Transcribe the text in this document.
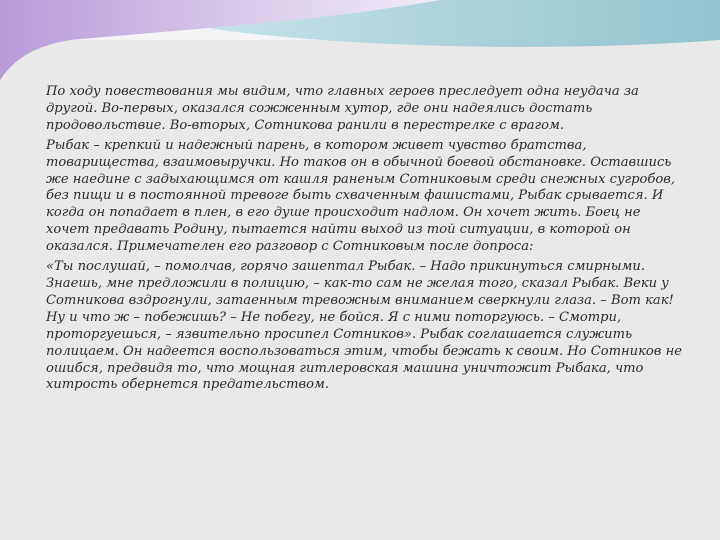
По ходу повествования мы видим, что главных героев преследует одна неудача за другой. Во-первых, оказался сожженным хутор, где они надеялись достать продовольствие. Во-вторых, Сотникова ранили в перестрелке с врагом.

Рыбак – крепкий и надежный парень, в котором живет чувство братства, товарищества, взаимовыручки. Но таков он в обычной боевой обстановке. Оставшись же наедине с задыхающимся от кашля раненым Сотниковым среди снежных сугробов, без пищи и в постоянной тревоге быть схваченным фашистами, Рыбак срывается. И когда он попадает в плен, в его душе происходит надлом. Он хочет жить. Боец не хочет предавать Родину, пытается найти выход из той ситуации, в которой он оказался. Примечателен его разговор с Сотниковым после допроса:

«Ты послушай, – помолчав, горячо зашептал Рыбак. – Надо прикинуться смирными. Знаешь, мне предложили в полицию, – как-то сам не желая того, сказал Рыбак. Веки у Сотникова вздрогнули, затаенным тревожным вниманием сверкнули глаза. – Вот как! Ну и что ж – побежишь? – Не побегу, не бойся. Я с ними поторгуюсь. – Смотри, проторгуешься, – язвительно просипел Сотников». Рыбак соглашается служить полицаем. Он надеется воспользоваться этим, чтобы бежать к своим. Но Сотников не ошибся, предвидя то, что мощная гитлеровская машина уничтожит Рыбака, что хитрость обернется предательством.
